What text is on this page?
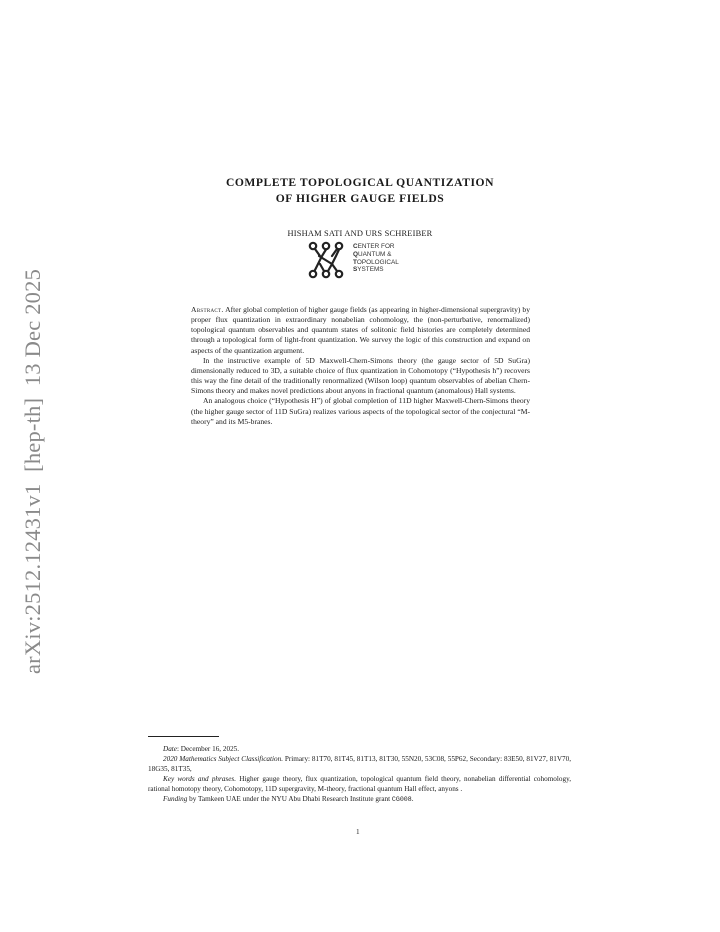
arXiv:2512.12431v1  [hep-th]  13 Dec 2025
COMPLETE TOPOLOGICAL QUANTIZATION
OF HIGHER GAUGE FIELDS
HISHAM SATI AND URS SCHREIBER
CENTER FOR
QUANTUM &
TOPOLOGICAL
SYSTEMS

Abstract. After global completion of higher gauge fields (as appearing in higher-dimensional supergravity) by proper flux quantization in extraordinary nonabelian cohomology, the (non-perturbative, renormalized) topological quantum observables and quantum states of solitonic field histories are completely determined through a topological form of light-front quantization. We survey the logic of this construction and expand on aspects of the quantization argument.

In the instructive example of 5D Maxwell-Chern-Simons theory (the gauge sector of 5D SuGra) dimensionally reduced to 3D, a suitable choice of flux quantization in Cohomotopy (“Hypothesis h”) recovers this way the fine detail of the traditionally renormalized (Wilson loop) quantum observables of abelian Chern-Simons theory and makes novel predictions about anyons in fractional quantum (anomalous) Hall systems.

An analogous choice (“Hypothesis H”) of global completion of 11D higher Maxwell-Chern-Simons theory (the higher gauge sector of 11D SuGra) realizes various aspects of the topological sector of the conjectural “M-theory” and its M5-branes.

Date: December 16, 2025.

2020 Mathematics Subject Classification. Primary: 81T70, 81T45, 81T13, 81T30, 55N20, 53C08, 55P62, Secondary: 83E50, 81V27, 81V70, 18G35, 81T35,

Key words and phrases. Higher gauge theory, flux quantization, topological quantum field theory, nonabelian differential cohomology, rational homotopy theory, Cohomotopy, 11D supergravity, M-theory, fractional quantum Hall effect, anyons .

Funding by Tamkeen UAE under the NYU Abu Dhabi Research Institute grant CG008.

1
